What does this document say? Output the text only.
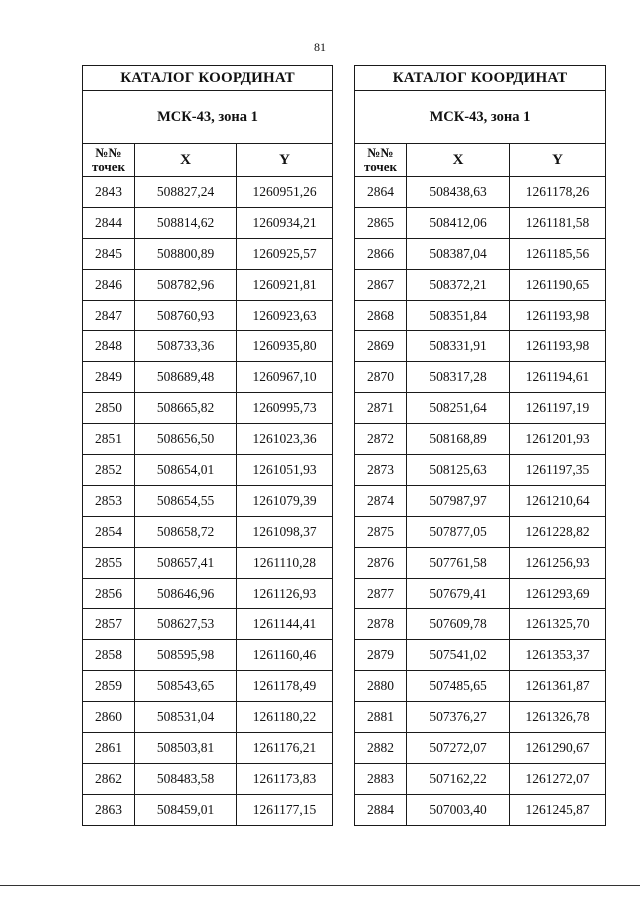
81
КАТАЛОГ КООРДИНАТ		
МСК-43, зона 1		
№№
точек	X	Y
2843	508827,24	1260951,26
2844	508814,62	1260934,21
2845	508800,89	1260925,57
2846	508782,96	1260921,81
2847	508760,93	1260923,63
2848	508733,36	1260935,80
2849	508689,48	1260967,10
2850	508665,82	1260995,73
2851	508656,50	1261023,36
2852	508654,01	1261051,93
2853	508654,55	1261079,39
2854	508658,72	1261098,37
2855	508657,41	1261110,28
2856	508646,96	1261126,93
2857	508627,53	1261144,41
2858	508595,98	1261160,46
2859	508543,65	1261178,49
2860	508531,04	1261180,22
2861	508503,81	1261176,21
2862	508483,58	1261173,83
2863	508459,01	1261177,15
КАТАЛОГ КООРДИНАТ		
МСК-43, зона 1		
№№
точек	X	Y
2864	508438,63	1261178,26
2865	508412,06	1261181,58
2866	508387,04	1261185,56
2867	508372,21	1261190,65
2868	508351,84	1261193,98
2869	508331,91	1261193,98
2870	508317,28	1261194,61
2871	508251,64	1261197,19
2872	508168,89	1261201,93
2873	508125,63	1261197,35
2874	507987,97	1261210,64
2875	507877,05	1261228,82
2876	507761,58	1261256,93
2877	507679,41	1261293,69
2878	507609,78	1261325,70
2879	507541,02	1261353,37
2880	507485,65	1261361,87
2881	507376,27	1261326,78
2882	507272,07	1261290,67
2883	507162,22	1261272,07
2884	507003,40	1261245,87
